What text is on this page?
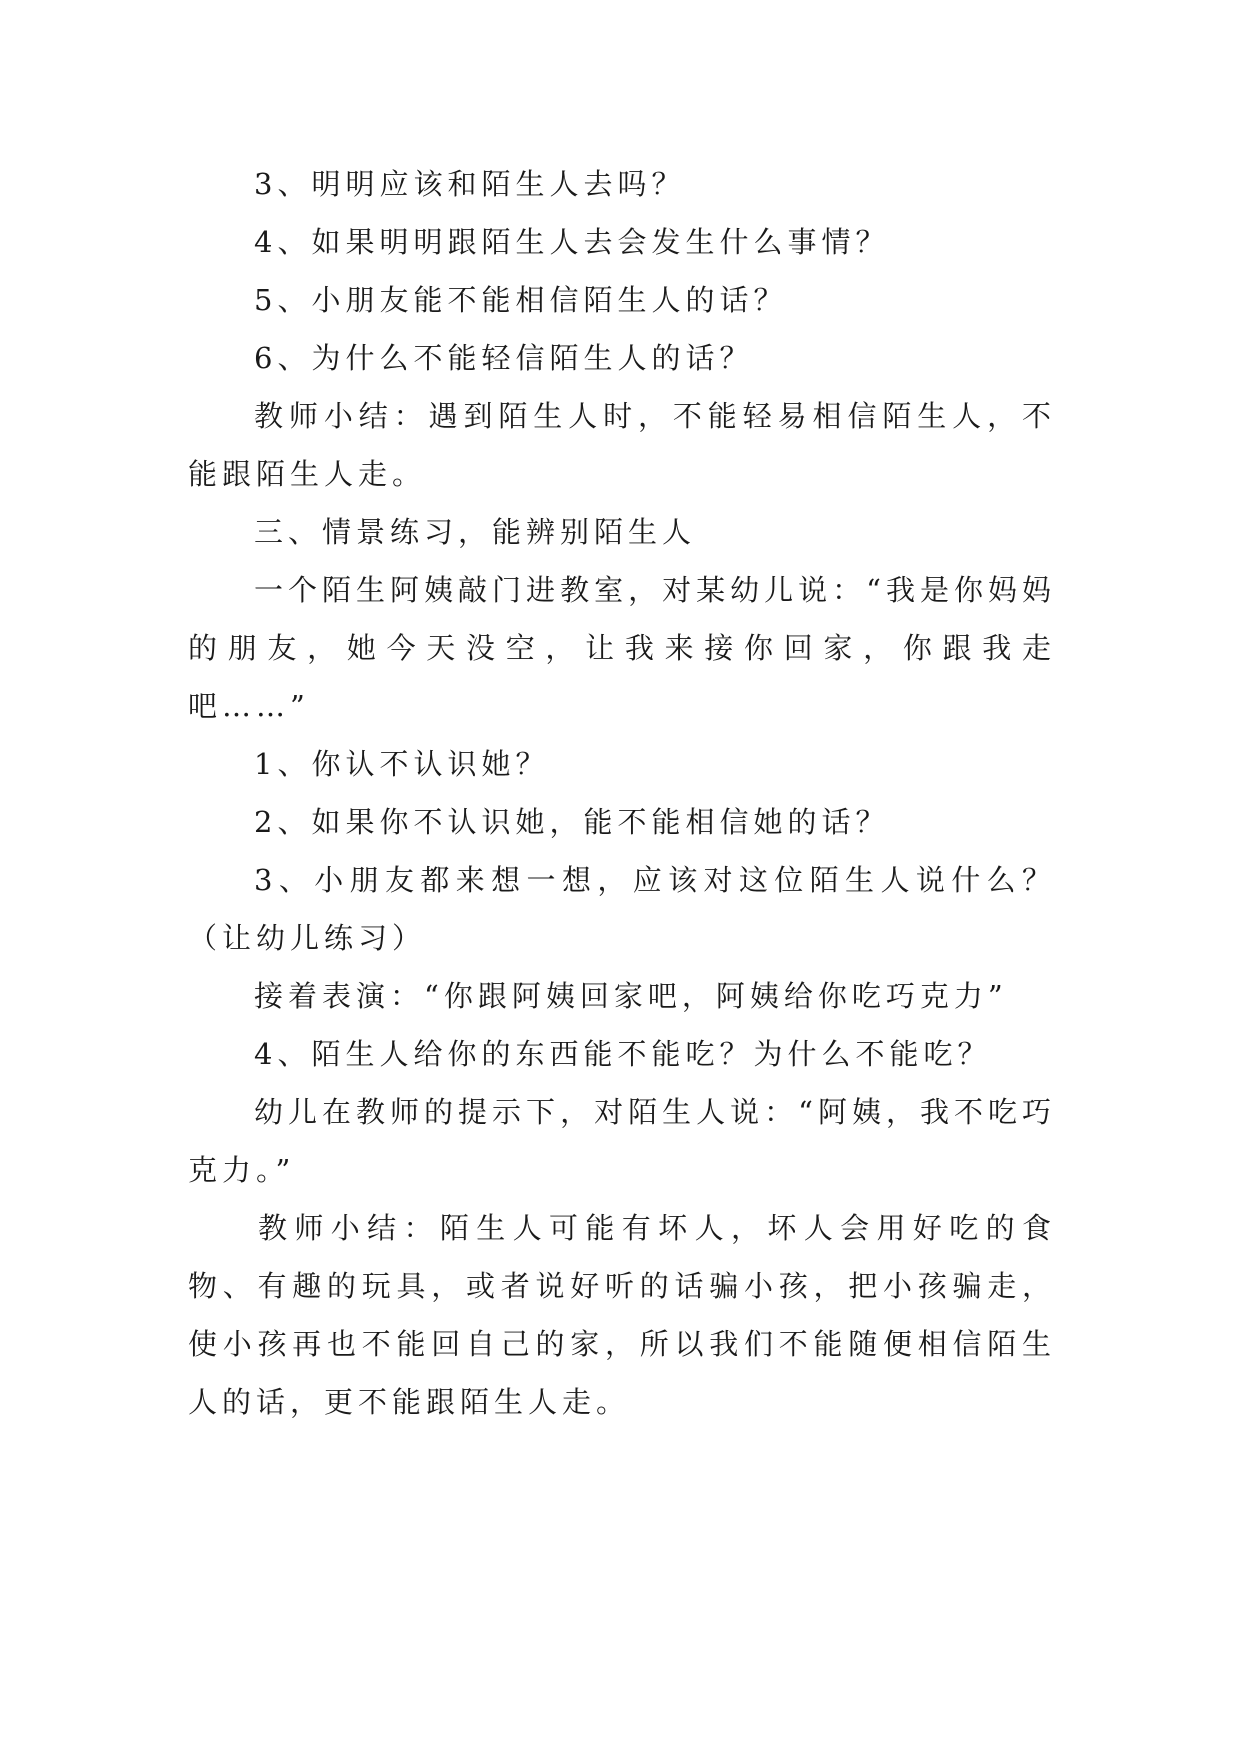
3、明明应该和陌生人去吗？

4、如果明明跟陌生人去会发生什么事情？

5、小朋友能不能相信陌生人的话？

6、为什么不能轻信陌生人的话？

教师小结：遇到陌生人时，不能轻易相信陌生人，不能跟陌生人走。

三、情景练习，能辨别陌生人

一个陌生阿姨敲门进教室，对某幼儿说：“我是你妈妈的朋友，她今天没空，让我来接你回家，你跟我走吧……”

1、你认不认识她？

2、如果你不认识她，能不能相信她的话？

3、小朋友都来想一想，应该对这位陌生人说什么？（让幼儿练习）

接着表演：“你跟阿姨回家吧，阿姨给你吃巧克力”

4、陌生人给你的东西能不能吃？为什么不能吃？

幼儿在教师的提示下，对陌生人说：“阿姨，我不吃巧克力。”

教师小结：陌生人可能有坏人，坏人会用好吃的食物、有趣的玩具，或者说好听的话骗小孩，把小孩骗走，使小孩再也不能回自己的家，所以我们不能随便相信陌生人的话，更不能跟陌生人走。
